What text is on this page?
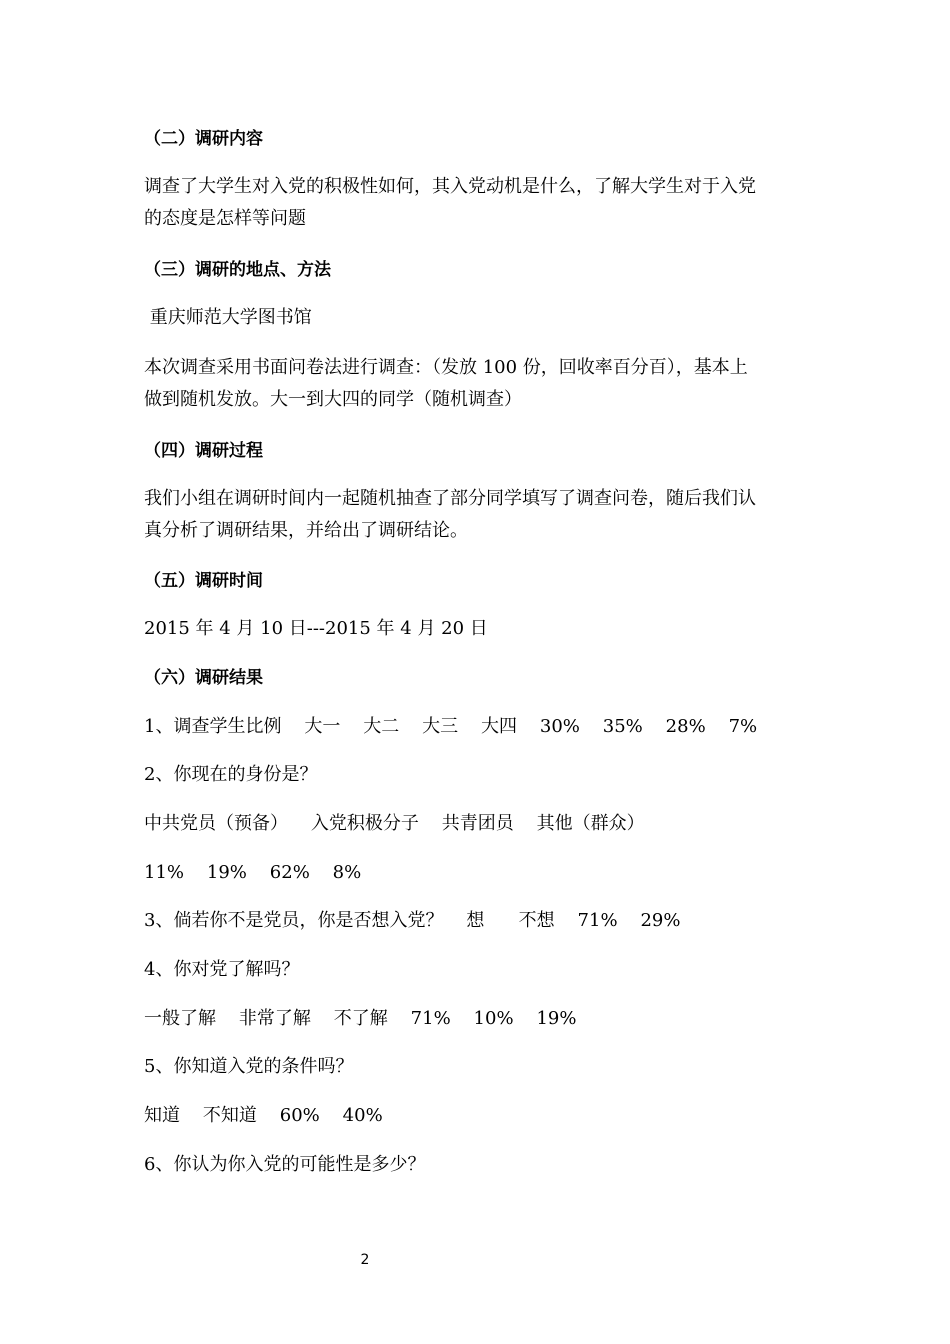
（二）调研内容
调查了大学生对入党的积极性如何，其入党动机是什么，了解大学生对于入党
的态度是怎样等问题
（三）调研的地点、方法
重庆师范大学图书馆
本次调查采用书面问卷法进行调查：（发放 100 份，回收率百分百），基本上
做到随机发放。大一到大四的同学（随机调查）
（四）调研过程
我们小组在调研时间内一起随机抽查了部分同学填写了调查问卷，随后我们认
真分析了调研结果，并给出了调研结论。
（五）调研时间
2015 年 4 月 10 日---2015 年 4 月 20 日
（六）调研结果
1、调查学生比例    大一    大二    大三    大四    30%    35%    28%    7%
2、你现在的身份是？
中共党员（预备）    入党积极分子    共青团员    其他（群众）
11%    19%    62%    8%
3、倘若你不是党员，你是否想入党？    想      不想    71%    29%
4、你对党了解吗？
一般了解    非常了解    不了解    71%    10%    19%
5、你知道入党的条件吗？
知道    不知道    60%    40%
6、你认为你入党的可能性是多少？
2
